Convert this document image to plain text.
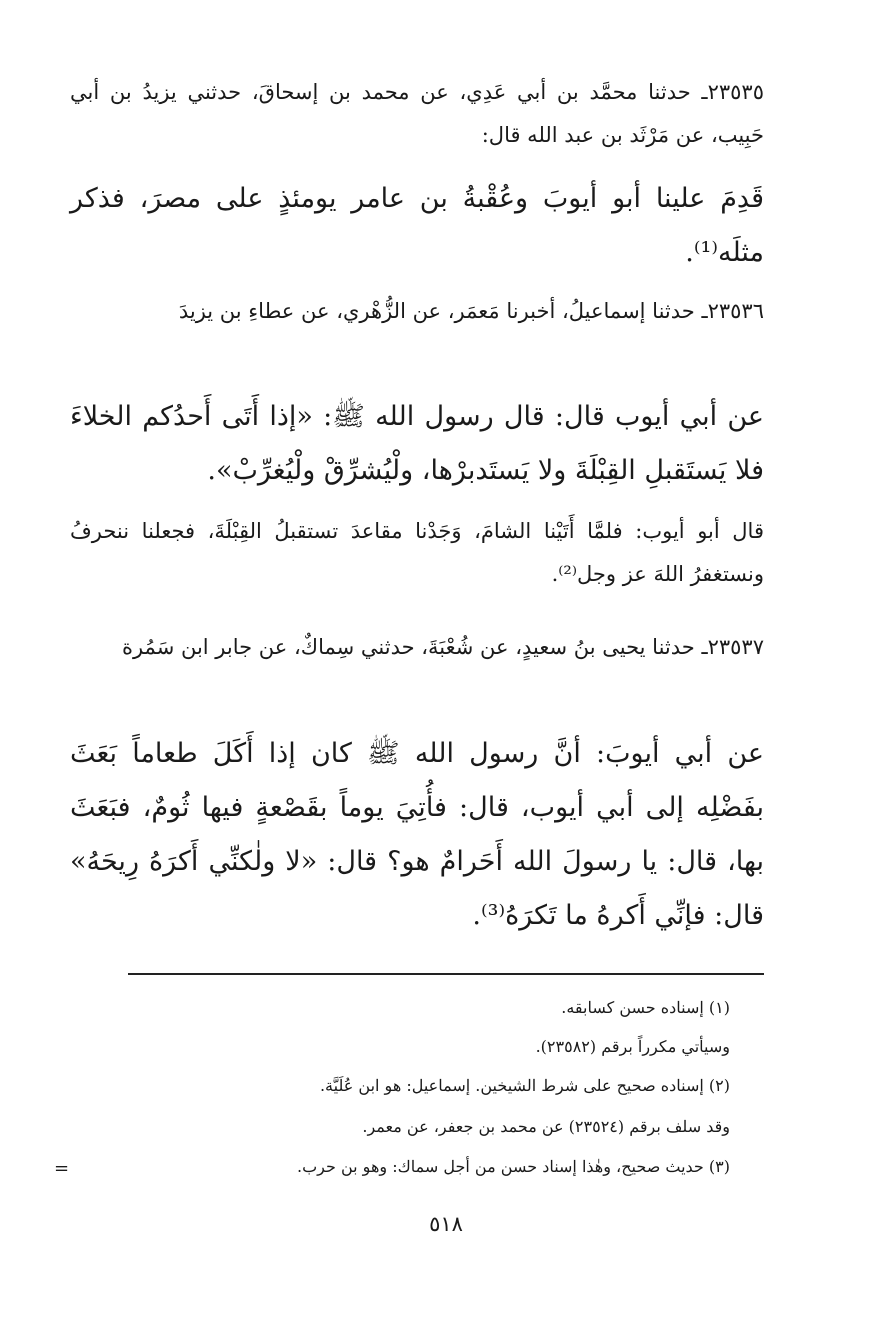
٢٣٥٣٥ـ حدثنا محمَّد بن أبي عَدِي، عن محمد بن إسحاقَ، حدثني يزيدُ بن أبي حَبِيب، عن مَرْثَد بن عبد الله قال:
قَدِمَ علينا أبو أيوبَ وعُقْبةُ بن عامر يومئذٍ على مصرَ، فذكر مثلَه⁽¹⁾.
٢٣٥٣٦ـ حدثنا إسماعيلُ، أخبرنا مَعمَر، عن الزُّهْري، عن عطاءِ بن يزيدَ
عن أبي أيوب قال: قال رسول الله ﷺ: «إذا أَتَى أَحدُكم الخلاءَ فلا يَستَقبلِ القِبْلَةَ ولا يَستَدبرْها، ولْيُشرِّقْ ولْيُغرِّبْ».
قال أبو أيوب: فلمَّا أَتَيْنا الشامَ، وَجَدْنا مقاعدَ تستقبلُ القِبْلَةَ، فجعلنا ننحرفُ ونستغفرُ اللهَ عز وجل⁽²⁾.
٢٣٥٣٧ـ حدثنا يحيى بنُ سعيدٍ، عن شُعْبَةَ، حدثني سِماكٌ، عن جابر ابن سَمُرة
عن أبي أيوبَ: أنَّ رسول الله ﷺ كان إذا أَكَلَ طعاماً بَعَثَ بفَضْلِه إلى أبي أيوب، قال: فأُتِيَ يوماً بقَصْعةٍ فيها ثُومٌ، فبَعَثَ بها، قال: يا رسولَ الله أَحَرامٌ هو؟ قال: «لا ولٰكنِّي أَكرَهُ رِيحَهُ» قال: فإنِّي أَكرهُ ما تَكرَهُ⁽³⁾.
(١) إسناده حسن كسابقه.
وسيأتي مكرراً برقم (٢٣٥٨٢).
(٢) إسناده صحيح على شرط الشيخين. إسماعيل: هو ابن عُلَيَّة.
وقد سلف برقم (٢٣٥٢٤) عن محمد بن جعفر، عن معمر.
(٣) حديث صحيح، وهٰذا إسناد حسن من أجل سماك: وهو بن حرب.
=
٥١٨
